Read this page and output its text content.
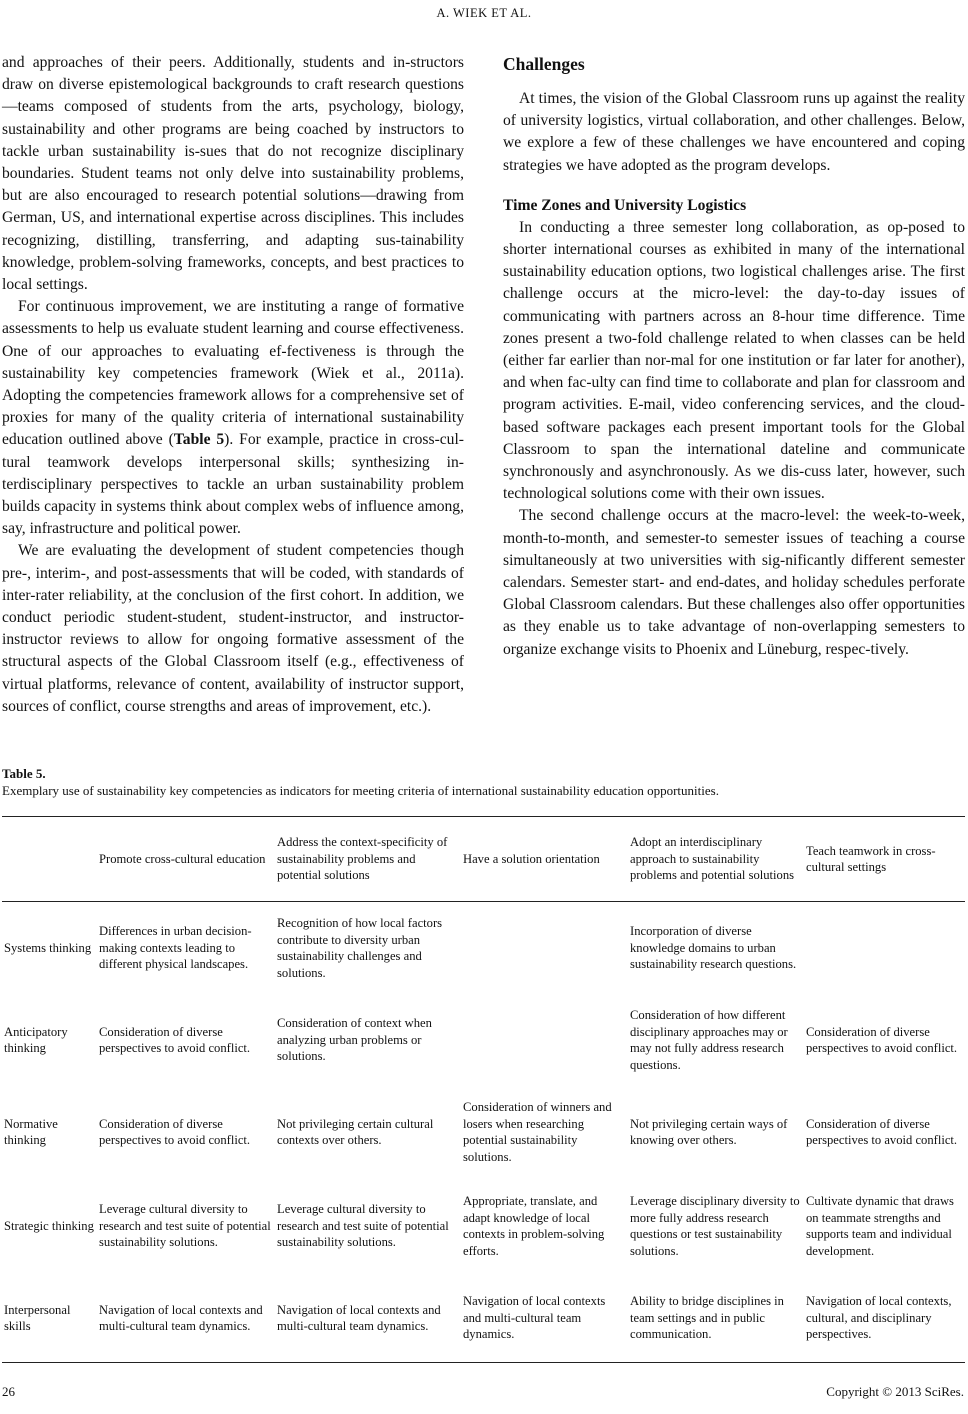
A. WIEK ET AL.

and approaches of their peers. Additionally, students and in-structors draw on diverse epistemological backgrounds to craft research questions—teams composed of students from the arts, psychology, biology, sustainability and other programs are being coached by instructors to tackle urban sustainability is-sues that do not recognize disciplinary boundaries. Student teams not only delve into sustainability problems, but are also encouraged to research potential solutions—drawing from German, US, and international expertise across disciplines. This includes recognizing, distilling, transferring, and adapting sus-tainability knowledge, problem-solving frameworks, concepts, and best practices to local settings.

For continuous improvement, we are instituting a range of formative assessments to help us evaluate student learning and course effectiveness. One of our approaches to evaluating ef-fectiveness is through the sustainability key competencies framework (Wiek et al., 2011a). Adopting the competencies framework allows for a comprehensive set of proxies for many of the quality criteria of international sustainability education outlined above (Table 5). For example, practice in cross-cul-tural teamwork develops interpersonal skills; synthesizing in-terdisciplinary perspectives to tackle an urban sustainability problem builds capacity in systems think about complex webs of influence among, say, infrastructure and political power.

We are evaluating the development of student competencies though pre-, interim-, and post-assessments that will be coded, with standards of inter-rater reliability, at the conclusion of the first cohort. In addition, we conduct periodic student-student, student-instructor, and instructor-instructor reviews to allow for ongoing formative assessment of the structural aspects of the Global Classroom itself (e.g., effectiveness of virtual platforms, relevance of content, availability of instructor support, sources of conflict, course strengths and areas of improvement, etc.).

Challenges

At times, the vision of the Global Classroom runs up against the reality of university logistics, virtual collaboration, and other challenges. Below, we explore a few of these challenges we have encountered and coping strategies we have adopted as the program develops.

Time Zones and University Logistics

In conducting a three semester long collaboration, as op-posed to shorter international courses as exhibited in many of the international sustainability education options, two logistical challenges arise. The first challenge occurs at the micro-level: the day-to-day issues of communicating with partners across an 8-hour time difference. Time zones present a two-fold challenge related to when classes can be held (either far earlier than nor-mal for one institution or far later for another), and when fac-ulty can find time to collaborate and plan for classroom and program activities. E-mail, video conferencing services, and the cloud-based software packages each present important tools for the Global Classroom to span the international dateline and communicate synchronously and asynchronously. As we dis-cuss later, however, such technological solutions come with their own issues.

The second challenge occurs at the macro-level: the week-to-week, month-to-month, and semester-to semester issues of teaching a course simultaneously at two universities with sig-nificantly different semester calendars. Semester start- and end-dates, and holiday schedules perforate Global Classroom calendars. But these challenges also offer opportunities as they enable us to take advantage of non-overlapping semesters to organize exchange visits to Phoenix and Lüneburg, respec-tively.

Table 5.
Exemplary use of sustainability key competencies as indicators for meeting criteria of international sustainability education opportunities.
	Promote cross-cultural education	Address the context-specificity of sustainability problems and potential solutions	Have a solution orientation	Adopt an interdisciplinary approach to sustainability problems and potential solutions	Teach teamwork in cross-cultural settings
Systems thinking	Differences in urban decision-making contexts leading to different physical landscapes.	Recognition of how local factors contribute to diversity urban sustainability challenges and solutions.		Incorporation of diverse knowledge domains to urban sustainability research questions.	
Anticipatory thinking	Consideration of diverse perspectives to avoid conflict.	Consideration of context when analyzing urban problems or solutions.		Consideration of how different disciplinary approaches may or may not fully address research questions.	Consideration of diverse perspectives to avoid conflict.
Normative thinking	Consideration of diverse perspectives to avoid conflict.	Not privileging certain cultural contexts over others.	Consideration of winners and losers when researching potential sustainability solutions.	Not privileging certain ways of knowing over others.	Consideration of diverse perspectives to avoid conflict.
Strategic thinking	Leverage cultural diversity to research and test suite of potential sustainability solutions.	Leverage cultural diversity to research and test suite of potential sustainability solutions.	Appropriate, translate, and adapt knowledge of local contexts in problem-solving efforts.	Leverage disciplinary diversity to more fully address research questions or test sustainability solutions.	Cultivate dynamic that draws on teammate strengths and supports team and individual development.
Interpersonal skills	Navigation of local contexts and multi-cultural team dynamics.	Navigation of local contexts and multi-cultural team dynamics.	Navigation of local contexts and multi-cultural team dynamics.	Ability to bridge disciplines in team settings and in public communication.	Navigation of local contexts, cultural, and disciplinary perspectives.
26	Copyright © 2013 SciRes.
